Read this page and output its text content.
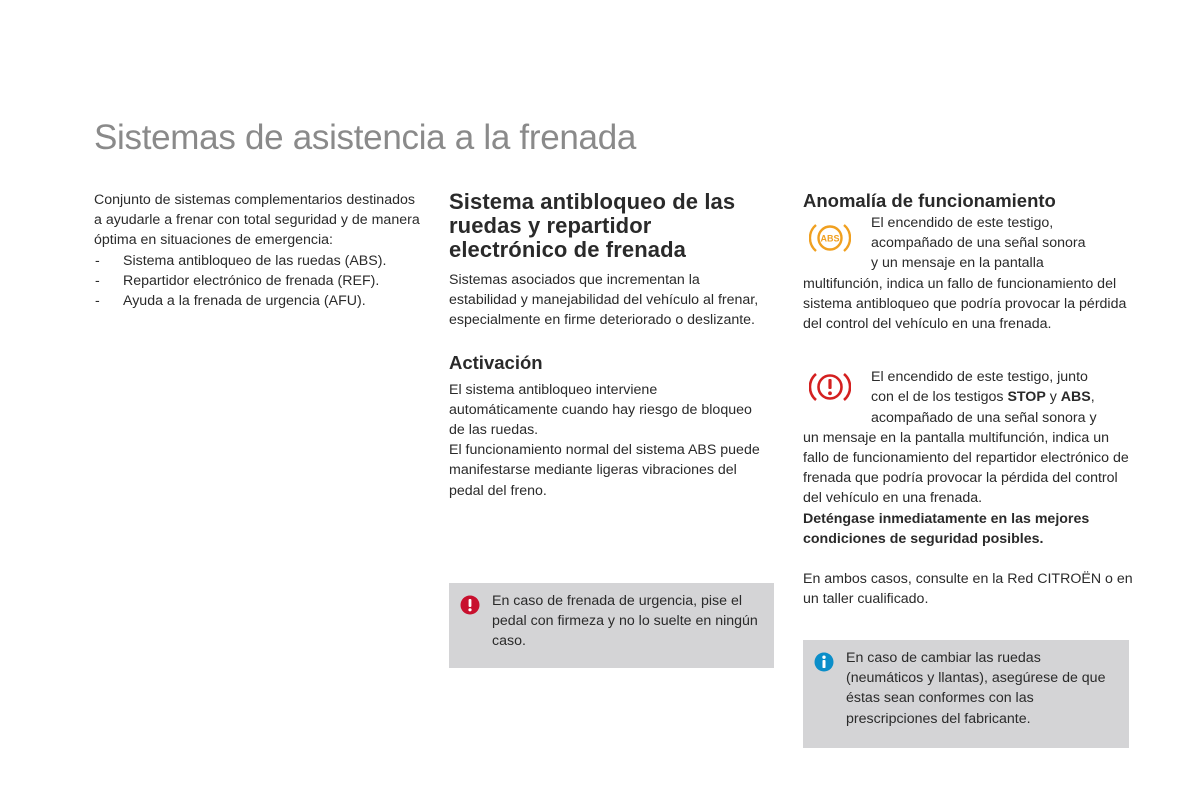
Sistemas de asistencia a la frenada

Conjunto de sistemas complementarios destinados a ayudarle a frenar con total seguridad y de manera óptima en situaciones de emergencia:

- Sistema antibloqueo de las ruedas (ABS).
- Repartidor electrónico de frenada (REF).
- Ayuda a la frenada de urgencia (AFU).
Sistema antibloqueo de las ruedas y repartidor electrónico de frenada

Sistemas asociados que incrementan la estabilidad y manejabilidad del vehículo al frenar, especialmente en firme deteriorado o deslizante.

Activación

El sistema antibloqueo interviene automáticamente cuando hay riesgo de bloqueo de las ruedas.

El funcionamiento normal del sistema ABS puede manifestarse mediante ligeras vibraciones del pedal del freno.

En caso de frenada de urgencia, pise el pedal con firmeza y no lo suelte en ningún caso.

Anomalía de funcionamiento
ABS
El encendido de este testigo,
acompañado de una señal sonora
y un mensaje en la pantalla

multifunción, indica un fallo de funcionamiento del sistema antibloqueo que podría provocar la pérdida del control del vehículo en una frenada.

El encendido de este testigo, junto
con el de los testigos STOP y ABS,
acompañado de una señal sonora y

un mensaje en la pantalla multifunción, indica un fallo de funcionamiento del repartidor electrónico de frenada que podría provocar la pérdida del control del vehículo en una frenada.

Deténgase inmediatamente en las mejores condiciones de seguridad posibles.

En ambos casos, consulte en la Red CITROËN o en un taller cualificado.

En caso de cambiar las ruedas (neumáticos y llantas), asegúrese de que éstas sean conformes con las prescripciones del fabricante.
